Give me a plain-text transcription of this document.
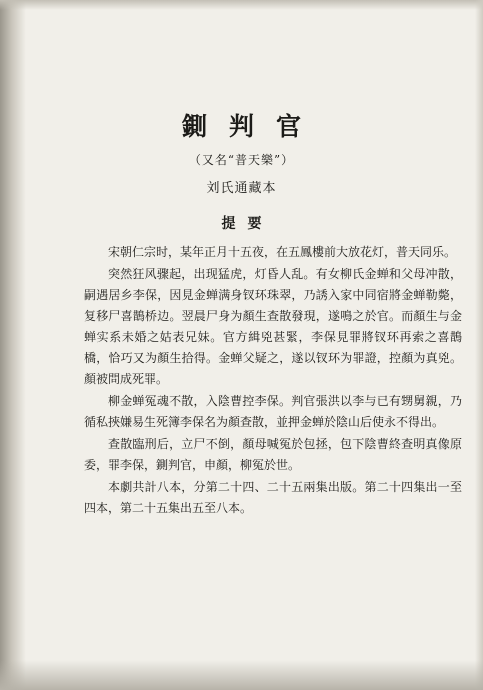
鍘判官
（又名“普天樂”）
刘氏通藏本
提要

宋朝仁宗时，某年正月十五夜，在五鳳樓前大放花灯，普天同乐。

突然狂风骤起，出现猛虎，灯昏人乱。有女柳氏金蝉和父母冲散，嗣遇居乡李保，因見金蝉满身钗环珠翠，乃誘入家中同宿將金蝉勒斃，复移尸喜鵲桥边。翌晨尸身为顏生查散發現，遂鳴之於官。而顏生与金蝉实系未婚之姑表兄妹。官方緝兇甚緊，李保見罪將钗环再索之喜鵲橋，恰巧又为顏生拾得。金蝉父疑之，遂以钗环为罪證，控顏为真兇。顏被問成死罪。

柳金蝉冤魂不散，入陰曹控李保。判官張洪以李与已有甥舅親，乃循私挾嫌易生死簿李保名为顏查散，並押金蝉於陰山后使永不得出。

查散臨刑后，立尸不倒，顏母喊冤於包拯，包下陰曹終查明真像原委，罪李保，鍘判官，申顏，柳冤於世。

本劇共計八本，分第二十四、二十五兩集出版。第二十四集出一至四本，第二十五集出五至八本。
